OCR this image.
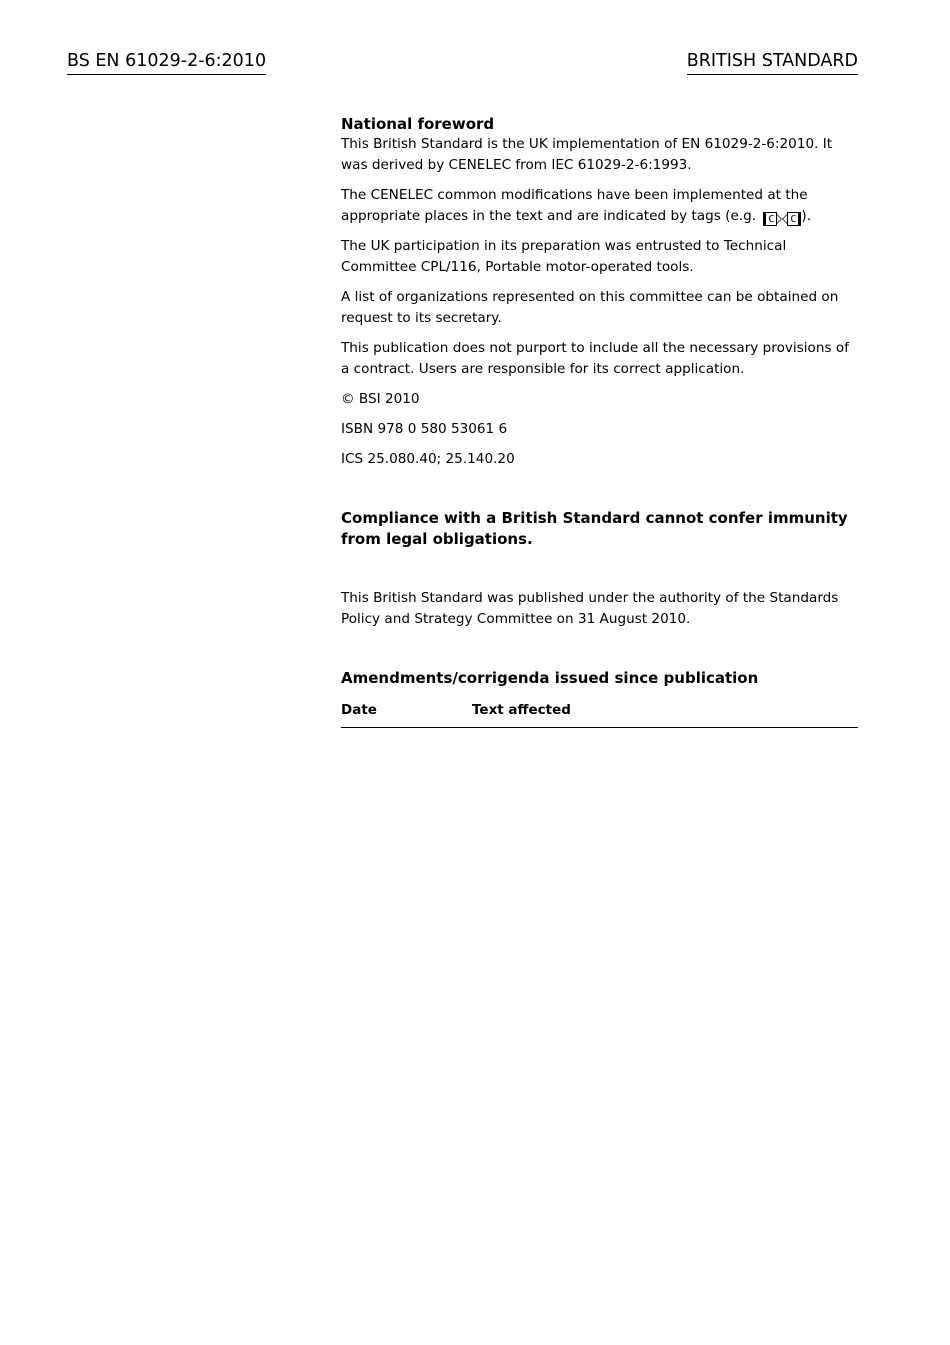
BS EN 61029-2-6:2010	BRITISH STANDARD

National foreword

This British Standard is the UK implementation of EN 61029-2-6:2010. It was derived by CENELEC from IEC 61029-2-6:1993.

The CENELEC common modifications have been implemented at the appropriate places in the text and are indicated by tags (e.g. C C ).

The UK participation in its preparation was entrusted to Technical Committee CPL/116, Portable motor-operated tools.

A list of organizations represented on this committee can be obtained on request to its secretary.

This publication does not purport to include all the necessary provisions of a contract. Users are responsible for its correct application.

© BSI 2010

ISBN 978 0 580 53061 6

ICS 25.080.40; 25.140.20

Compliance with a British Standard cannot confer immunity from legal obligations.

This British Standard was published under the authority of the Standards Policy and Strategy Committee on 31 August 2010.

Amendments/corrigenda issued since publication

Date	Text affected
